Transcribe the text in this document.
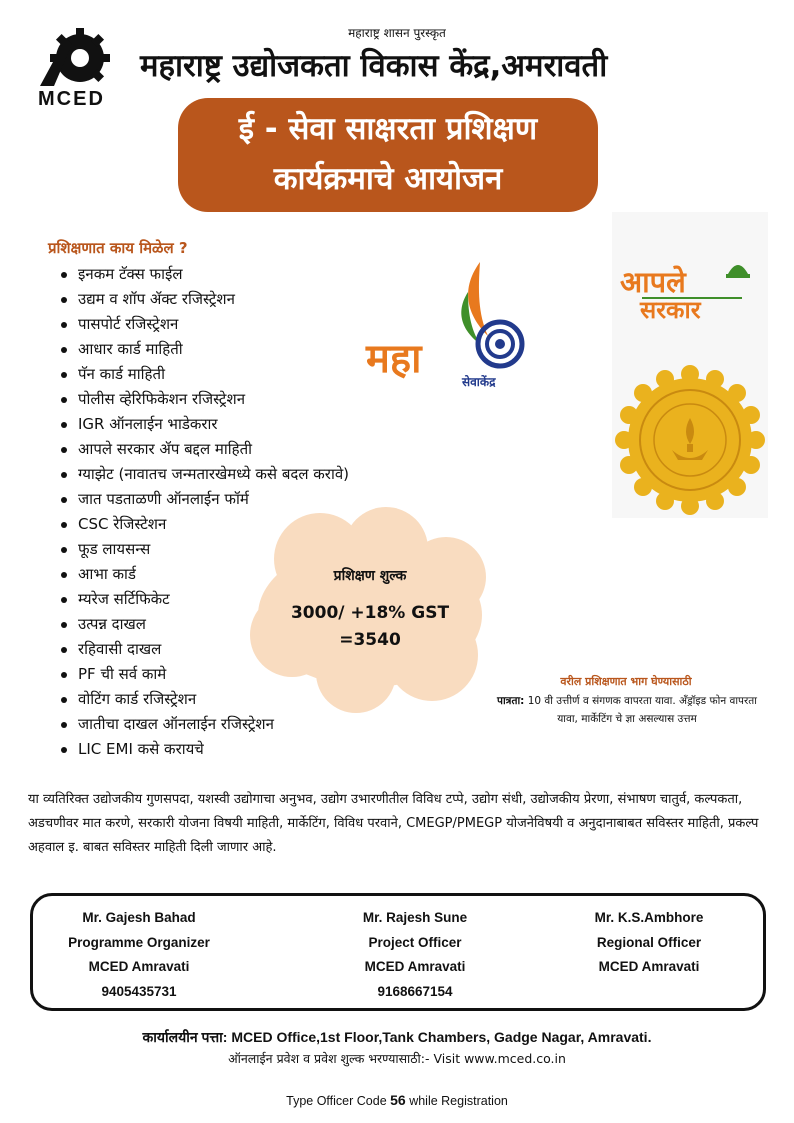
महाराष्ट्र शासन पुरस्कृत
MCED
महाराष्ट्र उद्योजकता विकास केंद्र,अमरावती
ई - सेवा साक्षरता प्रशिक्षण
कार्यक्रमाचे आयोजन
प्रशिक्षणात काय मिळेल ?
इनकम टॅक्स फाईल
उद्यम व शॉप ॲक्ट रजिस्ट्रेशन
पासपोर्ट रजिस्ट्रेशन
आधार कार्ड माहिती
पॅन कार्ड माहिती
पोलीस व्हेरिफिकेशन रजिस्ट्रेशन
IGR ऑनलाईन भाडेकरार
आपले सरकार ॲप बद्दल माहिती
ग्याझेट (नावातच जन्मतारखेमध्ये कसे बदल करावे)
जात पडताळणी ऑनलाईन फॉर्म
CSC रेजिस्टेशन
फूड लायसन्स
आभा कार्ड
म्यरेज सर्टिफिकेट
उत्पन्न दाखल
रहिवासी दाखल
PF ची सर्व कामे
वोटिंग कार्ड रजिस्ट्रेशन
जातीचा दाखल ऑनलाईन रजिस्ट्रेशन
LIC EMI कसे करायचे
महा	सेवाकेंद्र
प्रशिक्षण शुल्क
3000/ +18% GST
=3540
आपले
सरकार
वरील प्रशिक्षणात भाग घेण्यासाठी
पात्रता: 10 वी उत्तीर्ण व संगणक वापरता यावा. अँड्रॉइड फोन वापरता यावा, मार्केटिंग चे ज्ञा असल्यास उत्तम
या व्यतिरिक्त उद्योजकीय गुणसपदा, यशस्वी उद्योगाचा अनुभव, उद्योग उभारणीतील विविध टप्पे, उद्योग संधी, उद्योजकीय प्रेरणा, संभाषण चातुर्व, कल्पकता, अडचणीवर मात करणे, सरकारी योजना विषयी माहिती, मार्केटिंग, विविध परवाने, CMEGP/PMEGP योजनेविषयी व अनुदानाबाबत सविस्तर माहिती, प्रकल्प अहवाल इ. बाबत सविस्तर माहिती दिली जाणार आहे.
Mr. Gajesh Bahad
Programme Organizer
MCED Amravati
9405435731
Mr. Rajesh Sune
Project Officer
MCED Amravati
9168667154
Mr. K.S.Ambhore
Regional Officer
MCED Amravati
कार्यालयीन पत्ता: MCED Office,1st Floor,Tank Chambers, Gadge Nagar, Amravati.
ऑनलाईन प्रवेश व प्रवेश शुल्क भरण्यासाठी:- Visit www.mced.co.in
Type Officer Code 56 while Registration
